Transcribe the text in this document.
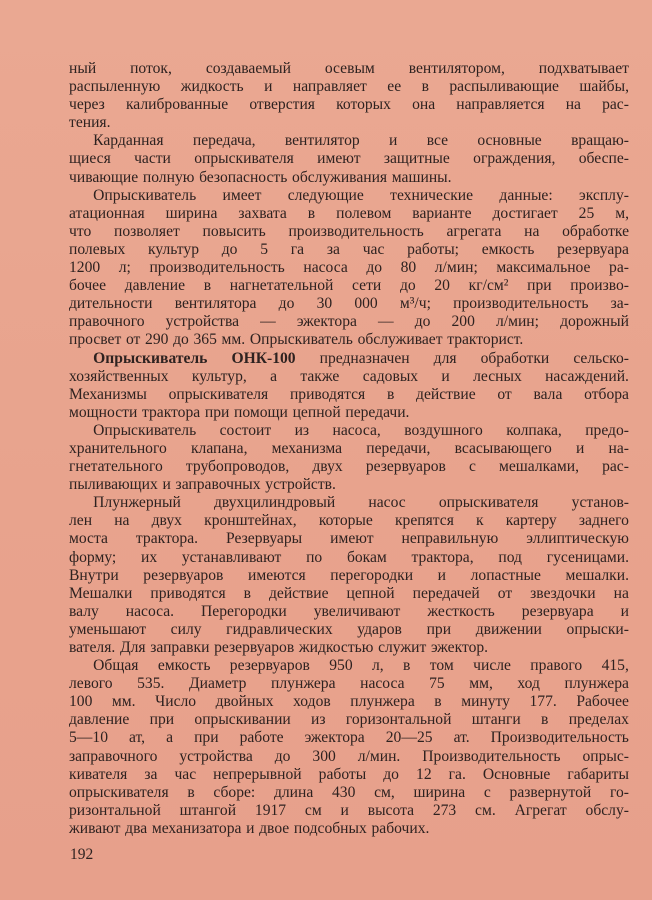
ный поток, создаваемый осевым вентилятором, подхватывает
распыленную жидкость и направляет ее в распыливающие шайбы,
через калиброванные отверстия которых она направляется на рас-
тения.
Карданная передача, вентилятор и все основные вращаю-
щиеся части опрыскивателя имеют защитные ограждения, обеспе-
чивающие полную безопасность обслуживания машины.
Опрыскиватель имеет следующие технические данные: эксплу-
атационная ширина захвата в полевом варианте достигает 25 м,
что позволяет повысить производительность агрегата на обработке
полевых культур до 5 га за час работы; емкость резервуара
1200 л; производительность насоса до 80 л/мин; максимальное ра-
бочее давление в нагнетательной сети до 20 кг/см² при произво-
дительности вентилятора до 30 000 м³/ч; производительность за-
правочного устройства — эжектора — до 200 л/мин; дорожный
просвет от 290 до 365 мм. Опрыскиватель обслуживает тракторист.
Опрыскиватель ОНК-100 предназначен для обработки сельско-
хозяйственных культур, а также садовых и лесных насаждений.
Механизмы опрыскивателя приводятся в действие от вала отбора
мощности трактора при помощи цепной передачи.
Опрыскиватель состоит из насоса, воздушного колпака, предо-
хранительного клапана, механизма передачи, всасывающего и на-
гнетательного трубопроводов, двух резервуаров с мешалками, рас-
пыливающих и заправочных устройств.
Плунжерный двухцилиндровый насос опрыскивателя установ-
лен на двух кронштейнах, которые крепятся к картеру заднего
моста трактора. Резервуары имеют неправильную эллиптическую
форму; их устанавливают по бокам трактора, под гусеницами.
Внутри резервуаров имеются перегородки и лопастные мешалки.
Мешалки приводятся в действие цепной передачей от звездочки на
валу насоса. Перегородки увеличивают жесткость резервуара и
уменьшают силу гидравлических ударов при движении опрыски-
вателя. Для заправки резервуаров жидкостью служит эжектор.
Общая емкость резервуаров 950 л, в том числе правого 415,
левого 535. Диаметр плунжера насоса 75 мм, ход плунжера
100 мм. Число двойных ходов плунжера в минуту 177. Рабочее
давление при опрыскивании из горизонтальной штанги в пределах
5—10 ат, а при работе эжектора 20—25 ат. Производительность
заправочного устройства до 300 л/мин. Производительность опрыс-
кивателя за час непрерывной работы до 12 га. Основные габариты
опрыскивателя в сборе: длина 430 см, ширина с развернутой го-
ризонтальной штангой 1917 см и высота 273 см. Агрегат обслу-
живают два механизатора и двое подсобных рабочих.
192
